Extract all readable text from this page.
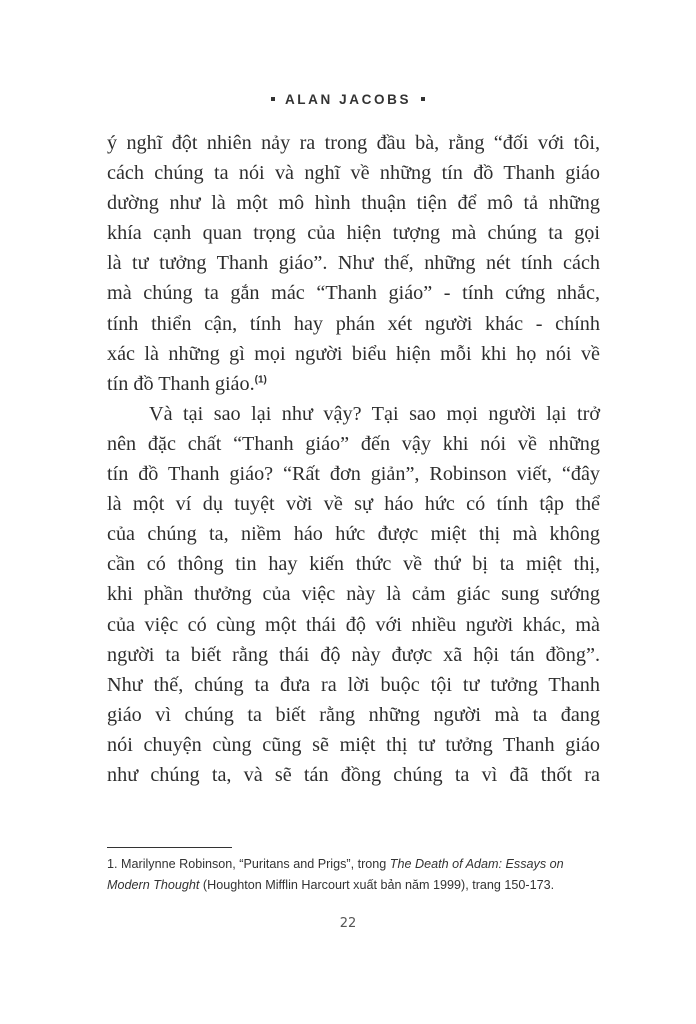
ALAN JACOBS
ý nghĩ đột nhiên nảy ra trong đầu bà, rằng “đối với tôi,
cách chúng ta nói và nghĩ về những tín đồ Thanh giáo
dường như là một mô hình thuận tiện để mô tả những
khía cạnh quan trọng của hiện tượng mà chúng ta gọi
là tư tưởng Thanh giáo”. Như thế, những nét tính cách
mà chúng ta gắn mác “Thanh giáo” - tính cứng nhắc,
tính thiển cận, tính hay phán xét người khác - chính
xác là những gì mọi người biểu hiện mỗi khi họ nói về
tín đồ Thanh giáo.$^{(1)}$
Và tại sao lại như vậy? Tại sao mọi người lại trở
nên đặc chất “Thanh giáo” đến vậy khi nói về những
tín đồ Thanh giáo? “Rất đơn giản”, Robinson viết, “đây
là một ví dụ tuyệt vời về sự háo hức có tính tập thể
của chúng ta, niềm háo hức được miệt thị mà không
cần có thông tin hay kiến thức về thứ bị ta miệt thị,
khi phần thưởng của việc này là cảm giác sung sướng
của việc có cùng một thái độ với nhiều người khác, mà
người ta biết rằng thái độ này được xã hội tán đồng”.
Như thế, chúng ta đưa ra lời buộc tội tư tưởng Thanh
giáo vì chúng ta biết rằng những người mà ta đang
nói chuyện cùng cũng sẽ miệt thị tư tưởng Thanh giáo
như chúng ta, và sẽ tán đồng chúng ta vì đã thốt ra
1. Marilynne Robinson, “Puritans and Prigs”, trong The Death of Adam: Essays on
Modern Thought (Houghton Mifflin Harcourt xuất bản năm 1999), trang 150-173.
22
